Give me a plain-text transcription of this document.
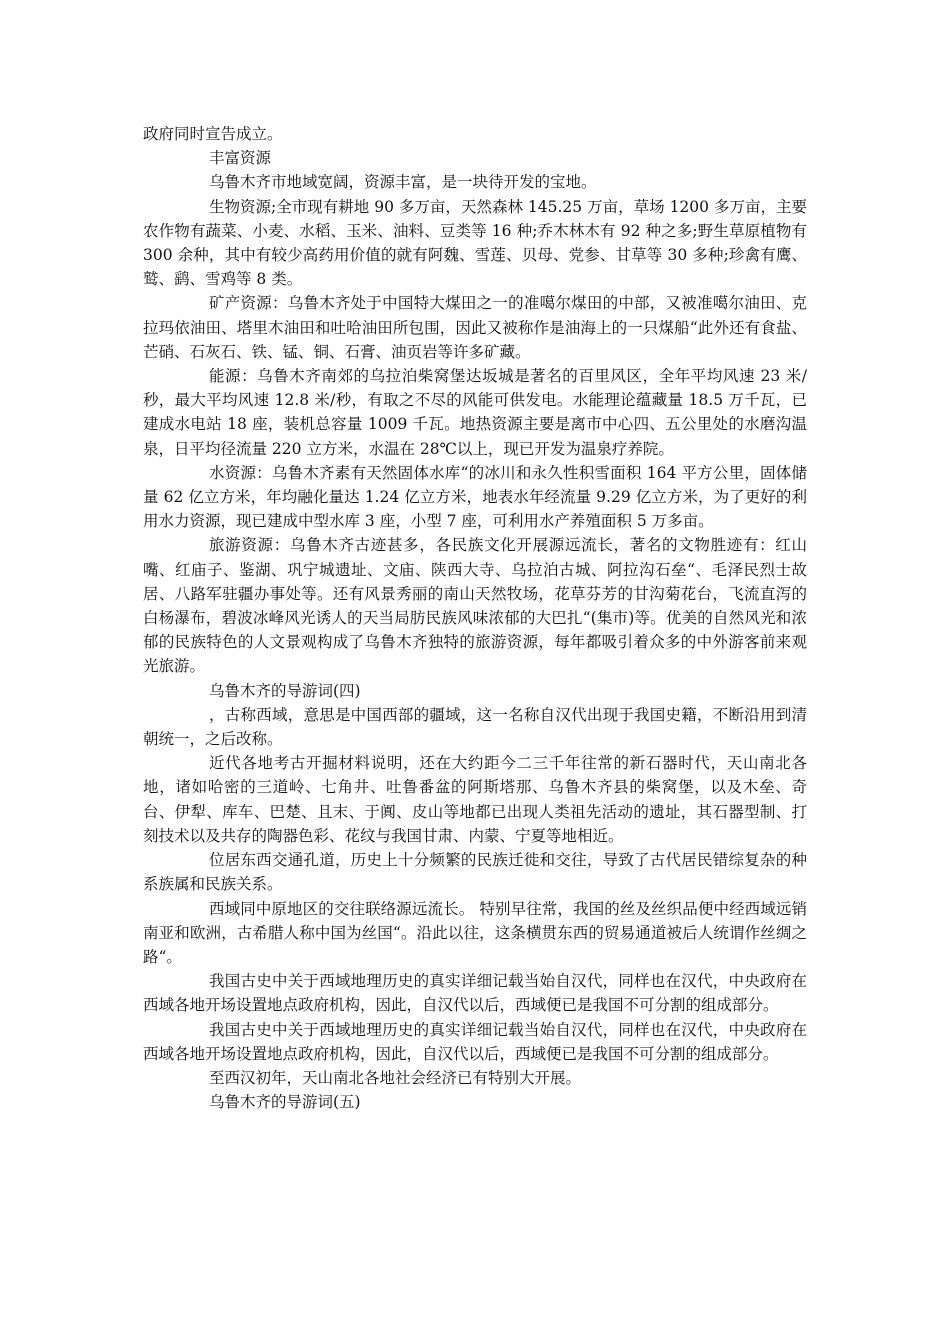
政府同时宣告成立。

丰富资源

乌鲁木齐市地域宽阔，资源丰富，是一块待开发的宝地。

生物资源;全市现有耕地 90 多万亩，天然森林 145.25 万亩，草场 1200 多万亩，主要农作物有蔬菜、小麦、水稻、玉米、油料、豆类等 16 种;乔木林木有 92 种之多;野生草原植物有 300 余种，其中有较少高药用价值的就有阿魏、雪莲、贝母、党参、甘草等 30 多种;珍禽有鹰、鹫、鹞、雪鸡等 8 类。

矿产资源：乌鲁木齐处于中国特大煤田之一的准噶尔煤田的中部，又被准噶尔油田、克拉玛依油田、塔里木油田和吐哈油田所包围，因此又被称作是油海上的一只煤船“此外还有食盐、芒硝、石灰石、铁、锰、铜、石膏、油页岩等许多矿藏。

能源：乌鲁木齐南郊的乌拉泊柴窝堡达坂城是著名的百里风区，全年平均风速 23 米/秒，最大平均风速 12.8 米/秒，有取之不尽的风能可供发电。水能理论蕴藏量 18.5 万千瓦，已建成水电站 18 座，装机总容量 1009 千瓦。地热资源主要是离市中心四、五公里处的水磨沟温泉，日平均径流量 220 立方米，水温在 28℃以上，现已开发为温泉疗养院。

水资源：乌鲁木齐素有天然固体水库“的冰川和永久性积雪面积 164 平方公里，固体储量 62 亿立方米，年均融化量达 1.24 亿立方米，地表水年经流量 9.29 亿立方米，为了更好的利用水力资源，现已建成中型水库 3 座，小型 7 座，可利用水产养殖面积 5 万多亩。

旅游资源：乌鲁木齐古迹甚多，各民族文化开展源远流长，著名的文物胜迹有：红山嘴、红庙子、鉴湖、巩宁城遗址、文庙、陕西大寺、乌拉泊古城、阿拉沟石垒“、毛泽民烈士故居、八路军驻疆办事处等。还有风景秀丽的南山天然牧场，花草芬芳的甘沟菊花台，飞流直泻的白杨瀑布，碧波冰峰风光诱人的天当局肪民族风味浓郁的大巴扎“(集市)等。优美的自然风光和浓郁的民族特色的人文景观构成了乌鲁木齐独特的旅游资源，每年都吸引着众多的中外游客前来观光旅游。

乌鲁木齐的导游词(四)

，古称西域，意思是中国西部的疆域，这一名称自汉代出现于我国史籍，不断沿用到清朝统一，之后改称。

近代各地考古开掘材料说明，还在大约距今二三千年往常的新石器时代，天山南北各地，诸如哈密的三道岭、七角井、吐鲁番盆的阿斯塔那、乌鲁木齐县的柴窝堡，以及木垒、奇台、伊犁、库车、巴楚、且末、于阗、皮山等地都已出现人类祖先活动的遗址，其石器型制、打刻技术以及共存的陶器色彩、花纹与我国甘肃、内蒙、宁夏等地相近。

位居东西交通孔道，历史上十分频繁的民族迁徙和交往，导致了古代居民错综复杂的种系族属和民族关系。

西域同中原地区的交往联络源远流长。 特别早往常，我国的丝及丝织品便中经西域远销南亚和欧洲，古希腊人称中国为丝国“。沿此以往，这条横贯东西的贸易通道被后人统谓作丝绸之路“。

我国古史中关于西域地理历史的真实详细记载当始自汉代，同样也在汉代，中央政府在西域各地开场设置地点政府机构，因此，自汉代以后，西域便已是我国不可分割的组成部分。

我国古史中关于西域地理历史的真实详细记载当始自汉代，同样也在汉代，中央政府在西域各地开场设置地点政府机构，因此，自汉代以后，西域便已是我国不可分割的组成部分。

至西汉初年，天山南北各地社会经济已有特别大开展。

乌鲁木齐的导游词(五)
